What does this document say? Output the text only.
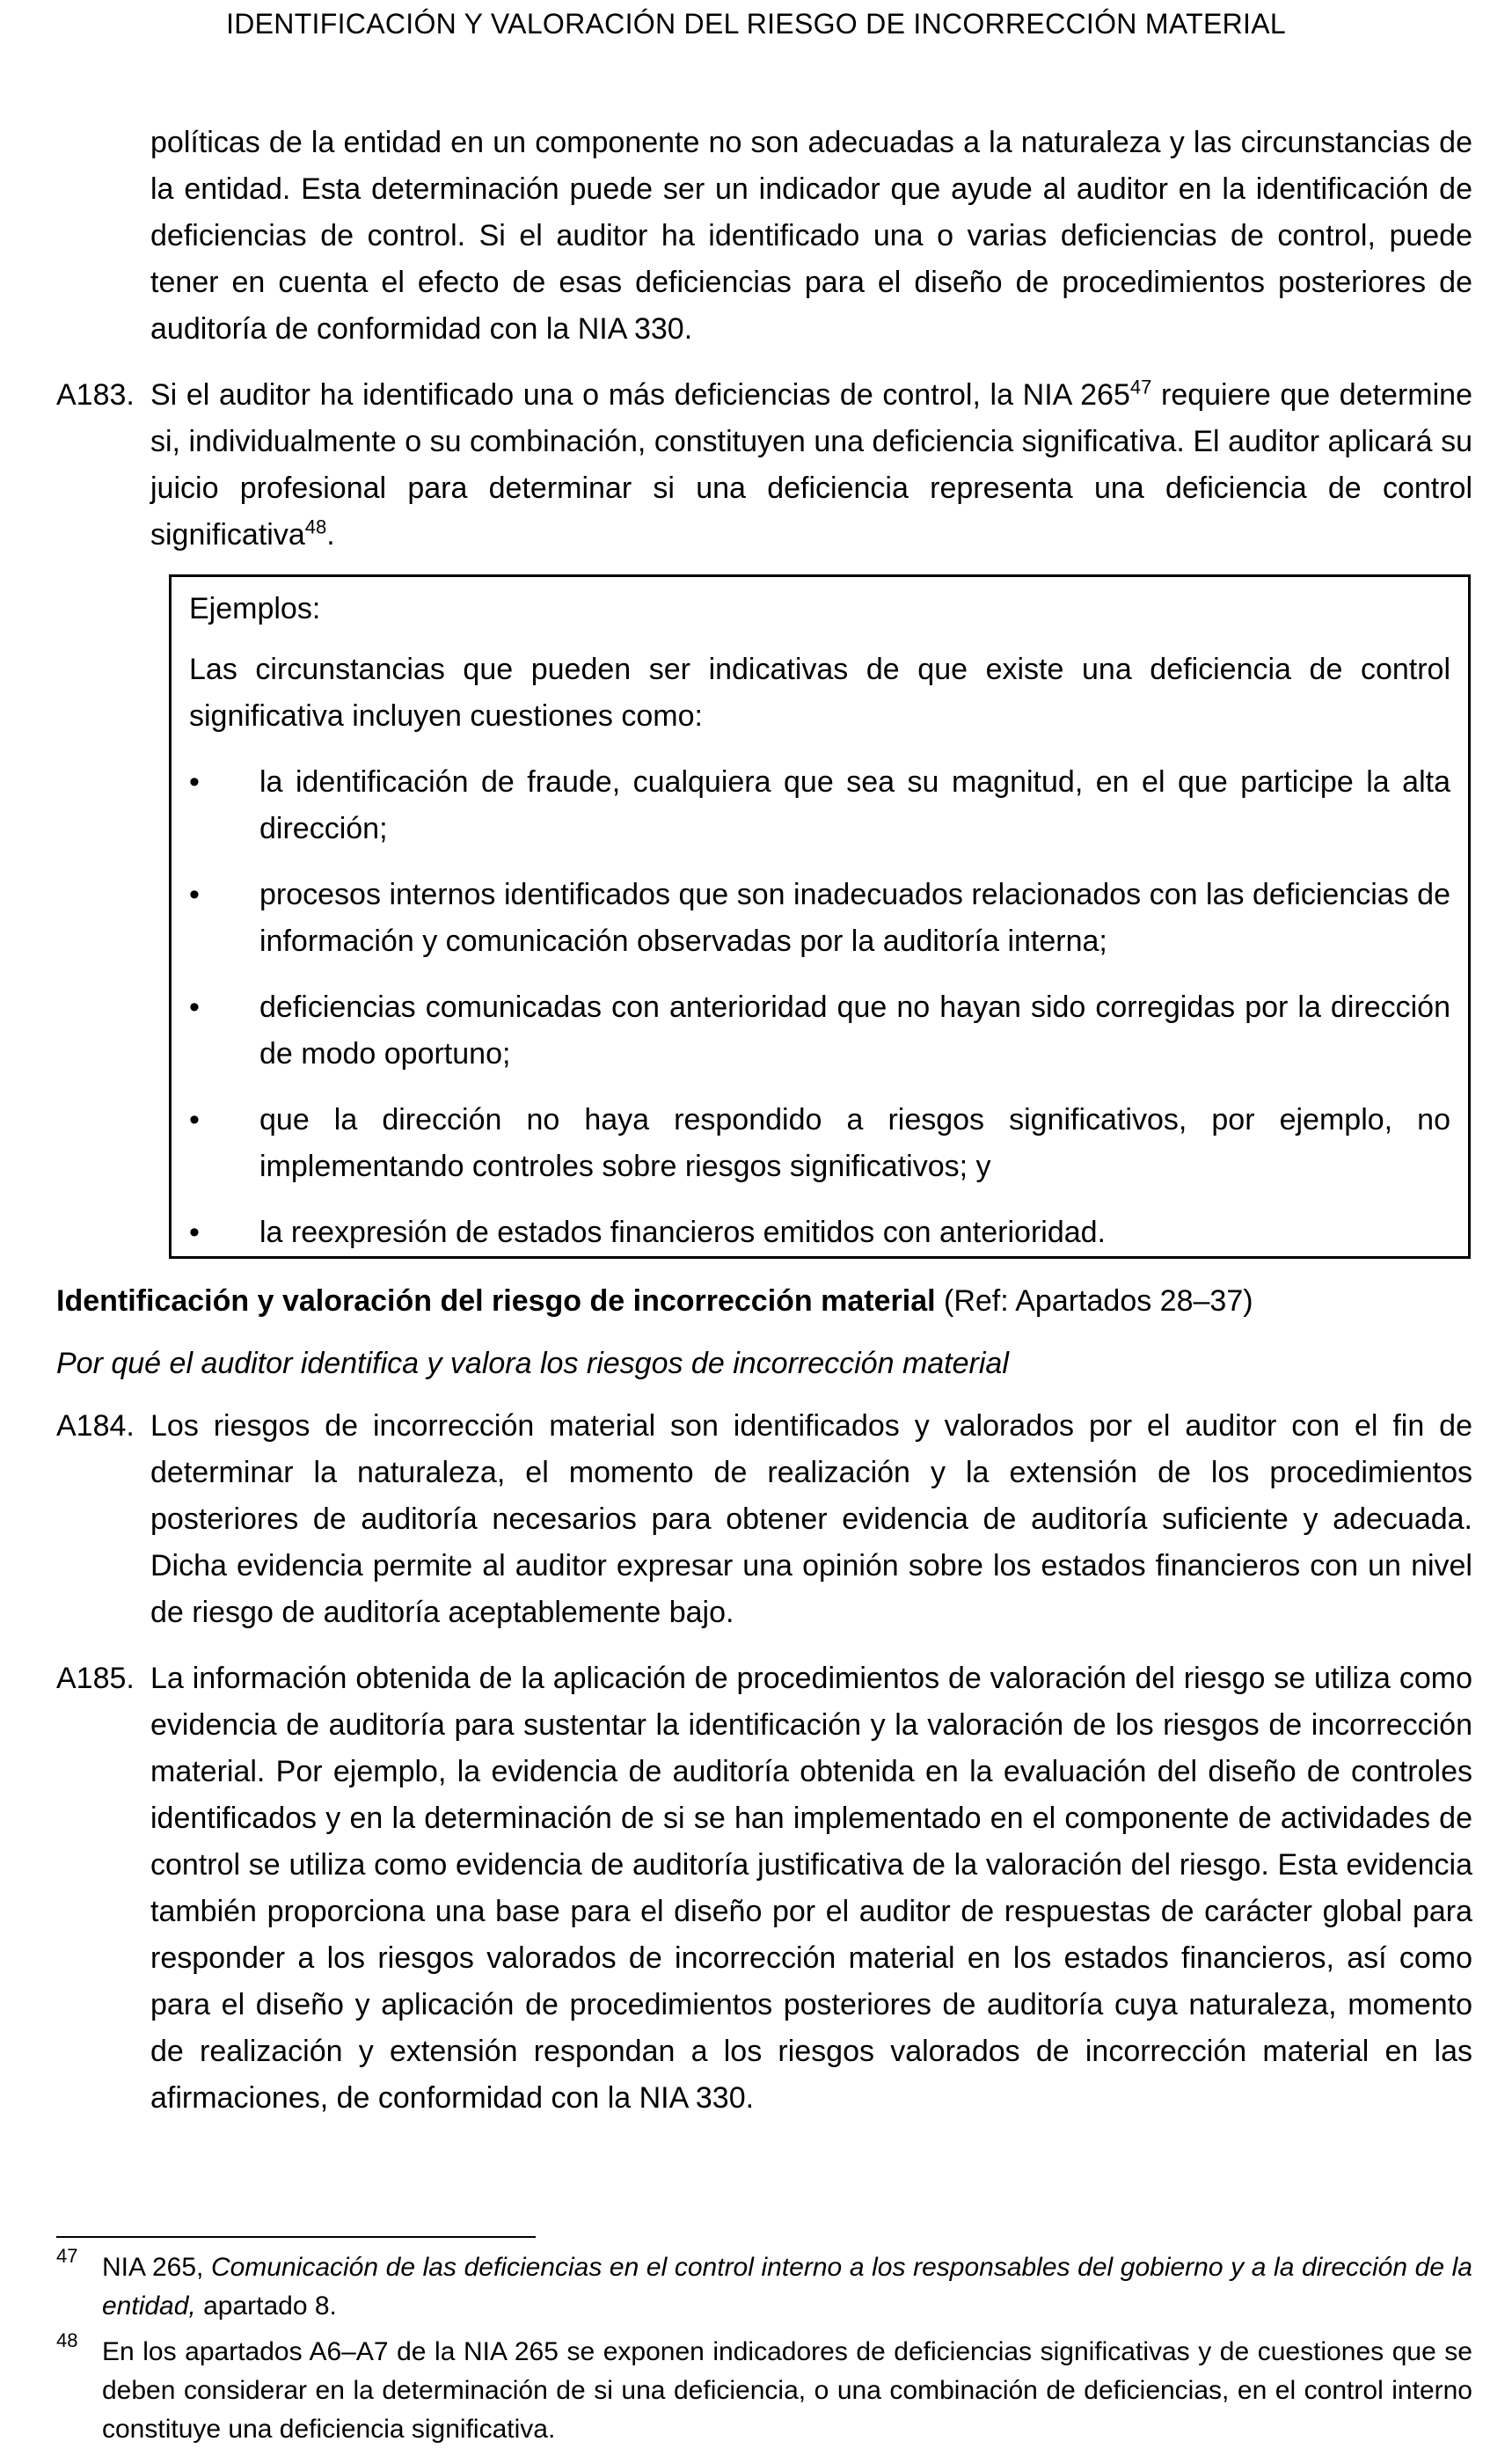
IDENTIFICACIÓN Y VALORACIÓN DEL RIESGO DE INCORRECCIÓN MATERIAL

políticas de la entidad en un componente no son adecuadas a la naturaleza y las circunstancias de la entidad. Esta determinación puede ser un indicador que ayude al auditor en la identificación de deficiencias de control. Si el auditor ha identificado una o varias deficiencias de control, puede tener en cuenta el efecto de esas deficiencias para el diseño de procedimientos posteriores de auditoría de conformidad con la NIA 330.

A183. Si el auditor ha identificado una o más deficiencias de control, la NIA $265^{47}$ requiere que determine si, individualmente o su combinación, constituyen una deficiencia significativa. El auditor aplicará su juicio profesional para determinar si una deficiencia representa una deficiencia de control significativa$^{48}$.

Ejemplos:

Las circunstancias que pueden ser indicativas de que existe una deficiencia de control significativa incluyen cuestiones como:

• la identificación de fraude, cualquiera que sea su magnitud, en el que participe la alta dirección;
• procesos internos identificados que son inadecuados relacionados con las deficiencias de información y comunicación observadas por la auditoría interna;
• deficiencias comunicadas con anterioridad que no hayan sido corregidas por la dirección de modo oportuno;
• que la dirección no haya respondido a riesgos significativos, por ejemplo, no implementando controles sobre riesgos significativos; y
• la reexpresión de estados financieros emitidos con anterioridad.

Identificación y valoración del riesgo de incorrección material (Ref: Apartados 28‒37)

Por qué el auditor identifica y valora los riesgos de incorrección material

A184. Los riesgos de incorrección material son identificados y valorados por el auditor con el fin de determinar la naturaleza, el momento de realización y la extensión de los procedimientos posteriores de auditoría necesarios para obtener evidencia de auditoría suficiente y adecuada. Dicha evidencia permite al auditor expresar una opinión sobre los estados financieros con un nivel de riesgo de auditoría aceptablemente bajo.

A185. La información obtenida de la aplicación de procedimientos de valoración del riesgo se utiliza como evidencia de auditoría para sustentar la identificación y la valoración de los riesgos de incorrección material. Por ejemplo, la evidencia de auditoría obtenida en la evaluación del diseño de controles identificados y en la determinación de si se han implementado en el componente de actividades de control se utiliza como evidencia de auditoría justificativa de la valoración del riesgo. Esta evidencia también proporciona una base para el diseño por el auditor de respuestas de carácter global para responder a los riesgos valorados de incorrección material en los estados financieros, así como para el diseño y aplicación de procedimientos posteriores de auditoría cuya naturaleza, momento de realización y extensión respondan a los riesgos valorados de incorrección material en las afirmaciones, de conformidad con la NIA 330.

47 NIA 265, Comunicación de las deficiencias en el control interno a los responsables del gobierno y a la dirección de la entidad, apartado 8.

48 En los apartados A6‒A7 de la NIA 265 se exponen indicadores de deficiencias significativas y de cuestiones que se deben considerar en la determinación de si una deficiencia, o una combinación de deficiencias, en el control interno constituye una deficiencia significativa.
